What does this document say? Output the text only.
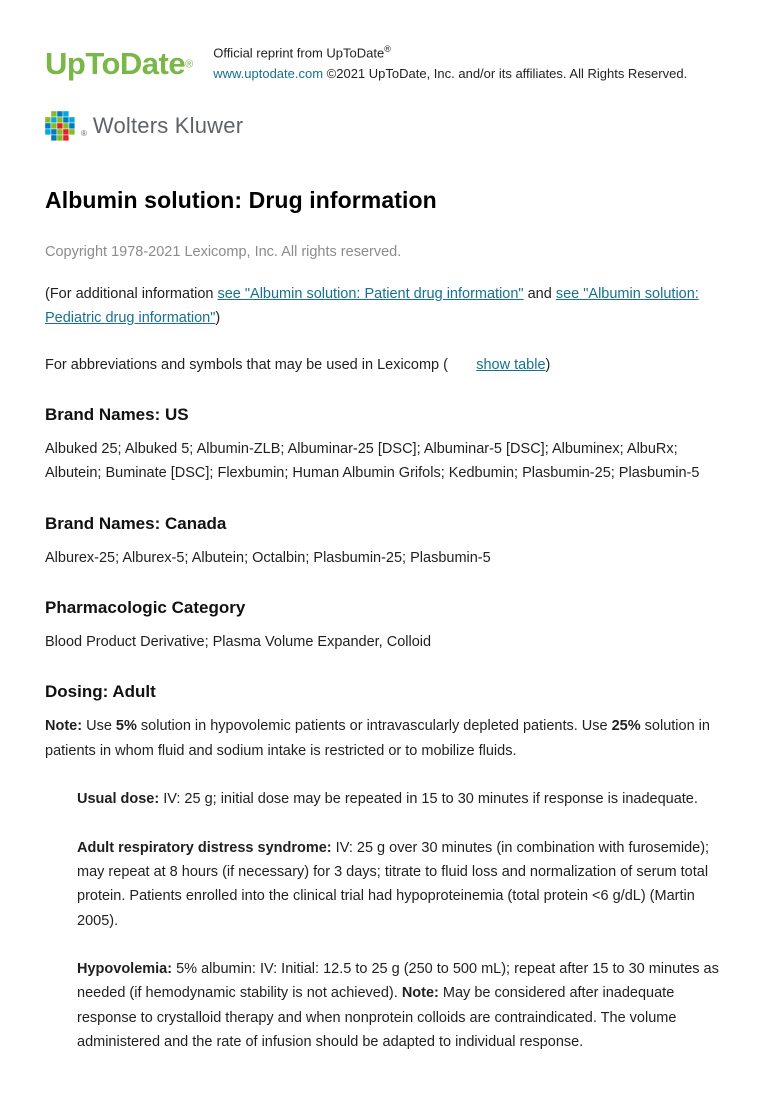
UpToDate®
Official reprint from UpToDate®
www.uptodate.com ©2021 UpToDate, Inc. and/or its affiliates. All Rights Reserved.
® Wolters Kluwer
Albumin solution: Drug information

Copyright 1978-2021 Lexicomp, Inc. All rights reserved.

(For additional information see "Albumin solution: Patient drug information" and see "Albumin solution: Pediatric drug information")

For abbreviations and symbols that may be used in Lexicomp ( show table)

Brand Names: US

Albuked 25; Albuked 5; Albumin-ZLB; Albuminar-25 [DSC]; Albuminar-5 [DSC]; Albuminex; AlbuRx; Albutein; Buminate [DSC]; Flexbumin; Human Albumin Grifols; Kedbumin; Plasbumin-25; Plasbumin-5

Brand Names: Canada

Alburex-25; Alburex-5; Albutein; Octalbin; Plasbumin-25; Plasbumin-5

Pharmacologic Category

Blood Product Derivative; Plasma Volume Expander, Colloid

Dosing: Adult

Note: Use 5% solution in hypovolemic patients or intravascularly depleted patients. Use 25% solution in patients in whom fluid and sodium intake is restricted or to mobilize fluids.

Usual dose: IV: 25 g; initial dose may be repeated in 15 to 30 minutes if response is inadequate.

Adult respiratory distress syndrome: IV: 25 g over 30 minutes (in combination with furosemide); may repeat at 8 hours (if necessary) for 3 days; titrate to fluid loss and normalization of serum total protein. Patients enrolled into the clinical trial had hypoproteinemia (total protein <6 g/dL) (Martin 2005).

Hypovolemia: 5% albumin: IV: Initial: 12.5 to 25 g (250 to 500 mL); repeat after 15 to 30 minutes as needed (if hemodynamic stability is not achieved). Note: May be considered after inadequate response to crystalloid therapy and when nonprotein colloids are contraindicated. The volume administered and the rate of infusion should be adapted to individual response.
